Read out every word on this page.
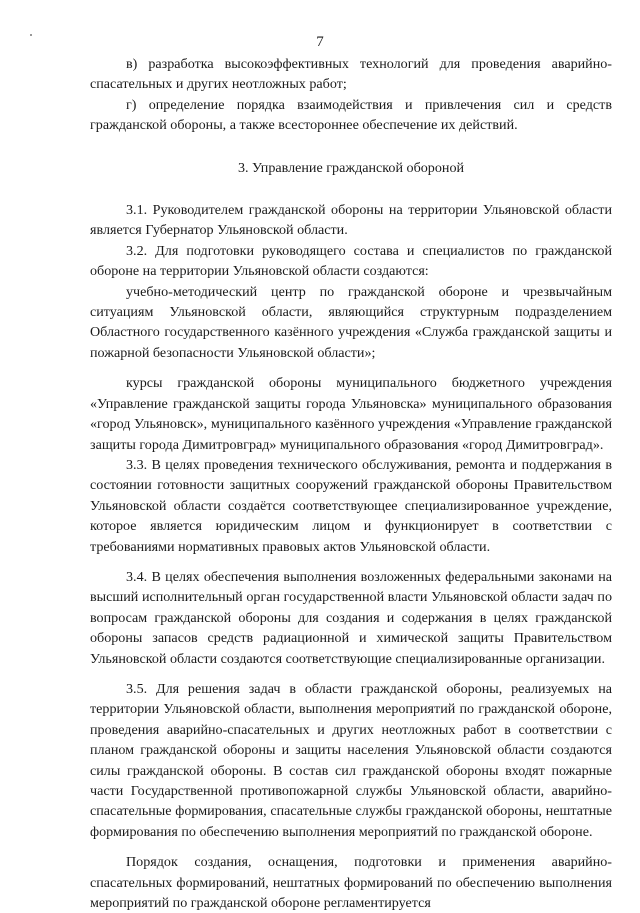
7

в) разработка высокоэффективных технологий для проведения аварийно-спасательных и других неотложных работ;

г) определение порядка взаимодействия и привлечения сил и средств гражданской обороны, а также всестороннее обеспечение их действий.

3. Управление гражданской обороной

3.1. Руководителем гражданской обороны на территории Ульяновской области является Губернатор Ульяновской области.

3.2. Для подготовки руководящего состава и специалистов по гражданской обороне на территории Ульяновской области создаются:

учебно-методический центр по гражданской обороне и чрезвычайным ситуациям Ульяновской области, являющийся структурным подразделением Областного государственного казённого учреждения «Служба гражданской защиты и пожарной безопасности Ульяновской области»;

курсы гражданской обороны муниципального бюджетного учреждения «Управление гражданской защиты города Ульяновска» муниципального образования «город Ульяновск», муниципального казённого учреждения «Управление гражданской защиты города Димитровград» муниципального образования «город Димитровград».

3.3. В целях проведения технического обслуживания, ремонта и поддержания в состоянии готовности защитных сооружений гражданской обороны Правительством Ульяновской области создаётся соответствующее специализированное учреждение, которое является юридическим лицом и функционирует в соответствии с требованиями нормативных правовых актов Ульяновской области.

3.4. В целях обеспечения выполнения возложенных федеральными законами на высший исполнительный орган государственной власти Ульяновской области задач по вопросам гражданской обороны для создания и содержания в целях гражданской обороны запасов средств радиационной и химической защиты Правительством Ульяновской области создаются соответствующие специализированные организации.

3.5. Для решения задач в области гражданской обороны, реализуемых на территории Ульяновской области, выполнения мероприятий по гражданской обороне, проведения аварийно-спасательных и других неотложных работ в соответствии с планом гражданской обороны и защиты населения Ульяновской области создаются силы гражданской обороны. В состав сил гражданской обороны входят пожарные части Государственной противопожарной службы Ульяновской области, аварийно-спасательные формирования, спасательные службы гражданской обороны, нештатные формирования по обеспечению выполнения мероприятий по гражданской обороне.

Порядок создания, оснащения, подготовки и применения аварийно-спасательных формирований, нештатных формирований по обеспечению выполнения мероприятий по гражданской обороне регламентируется
